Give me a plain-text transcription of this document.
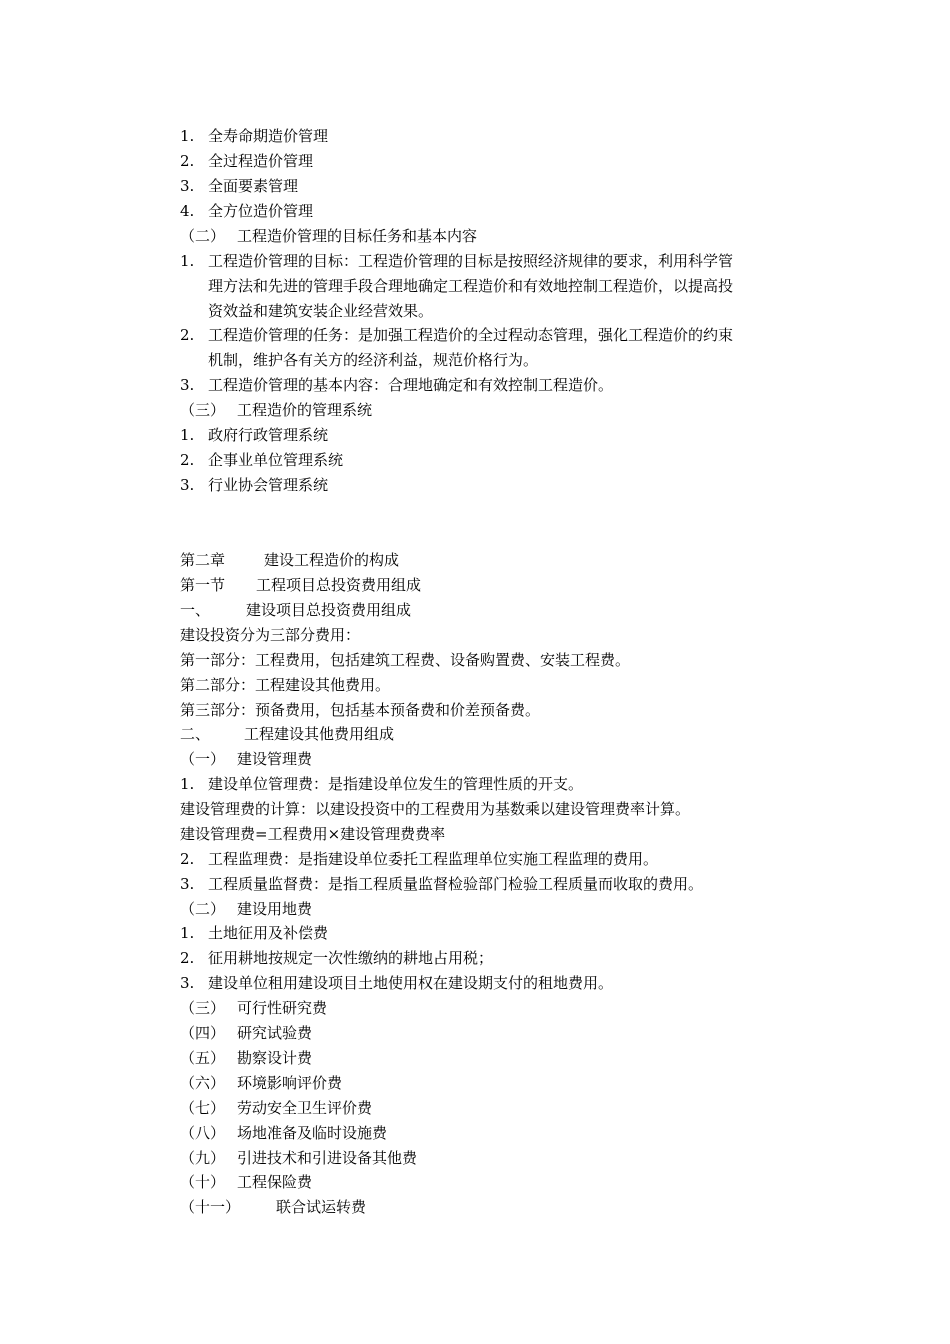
1. 全寿命期造价管理
2. 全过程造价管理
3. 全面要素管理
4. 全方位造价管理
（二） 工程造价管理的目标任务和基本内容
1. 工程造价管理的目标：工程造价管理的目标是按照经济规律的要求，利用科学管
理方法和先进的管理手段合理地确定工程造价和有效地控制工程造价，以提高投
资效益和建筑安装企业经营效果。
2. 工程造价管理的任务：是加强工程造价的全过程动态管理，强化工程造价的约束
机制，维护各有关方的经济利益，规范价格行为。
3. 工程造价管理的基本内容：合理地确定和有效控制工程造价。
（三） 工程造价的管理系统
1. 政府行政管理系统
2. 企事业单位管理系统
3. 行业协会管理系统
第二章	建设工程造价的构成
第一节 工程项目总投资费用组成
一、 建设项目总投资费用组成
建设投资分为三部分费用：
第一部分：工程费用，包括建筑工程费、设备购置费、安装工程费。
第二部分：工程建设其他费用。
第三部分：预备费用，包括基本预备费和价差预备费。
二、 工程建设其他费用组成
（一） 建设管理费
1. 建设单位管理费：是指建设单位发生的管理性质的开支。
建设管理费的计算：以建设投资中的工程费用为基数乘以建设管理费率计算。
建设管理费=工程费用×建设管理费费率
2. 工程监理费：是指建设单位委托工程监理单位实施工程监理的费用。
3. 工程质量监督费：是指工程质量监督检验部门检验工程质量而收取的费用。
（二） 建设用地费
1. 土地征用及补偿费
2. 征用耕地按规定一次性缴纳的耕地占用税；
3. 建设单位租用建设项目土地使用权在建设期支付的租地费用。
（三） 可行性研究费
（四） 研究试验费
（五） 勘察设计费
（六） 环境影响评价费
（七） 劳动安全卫生评价费
（八） 场地准备及临时设施费
（九） 引进技术和引进设备其他费
（十） 工程保险费
（十一） 联合试运转费
